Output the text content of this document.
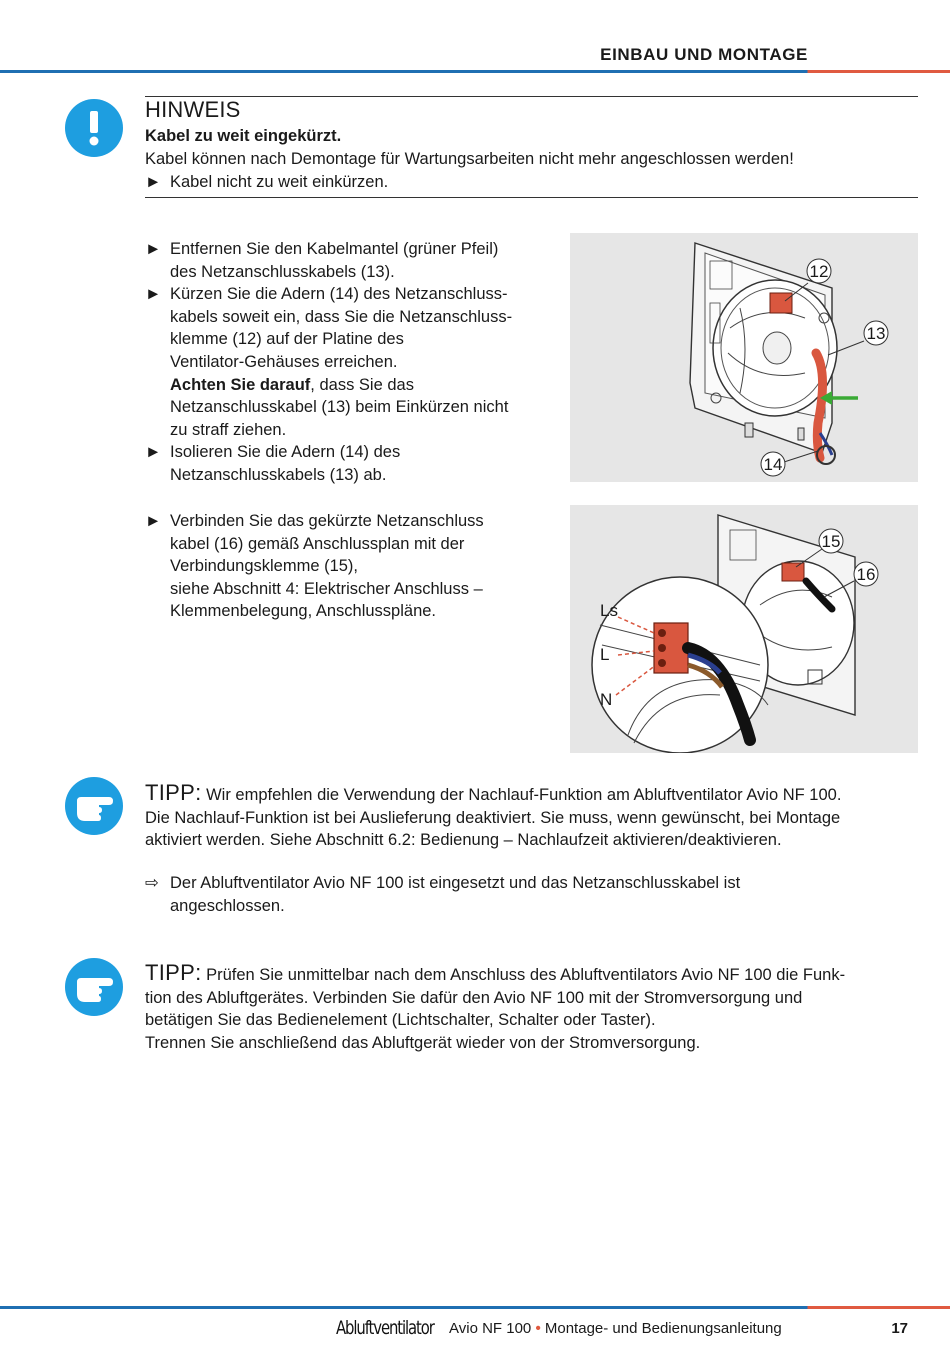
EINBAU UND MONTAGE
HINWEIS
Kabel zu weit eingekürzt.
Kabel können nach Demontage für Wartungsarbeiten nicht mehr angeschlossen werden!
► Kabel nicht zu weit einkürzen.
► Entfernen Sie den Kabelmantel (grüner Pfeil)
des Netzanschlusskabels (13).
► Kürzen Sie die Adern (14) des Netzanschluss-
kabels soweit ein, dass Sie die Netzanschluss-
klemme (12) auf der Platine des
Ventilator-Gehäuses erreichen.
Achten Sie darauf, dass Sie das
Netzanschlusskabel (13) beim Einkürzen nicht
zu straff ziehen.
► Isolieren Sie die Adern (14) des
Netzanschlusskabels (13) ab.
12
13
14
► Verbinden Sie das gekürzte Netzanschluss
kabel (16) gemäß Anschlussplan mit der
Verbindungsklemme (15),
siehe Abschnitt 4: Elektrischer Anschluss –
Klemmenbelegung, Anschlusspläne.	Ls
L
N
15
16
TIPP: Wir empfehlen die Verwendung der Nachlauf-Funktion am Abluftventilator Avio NF 100.
Die Nachlauf-Funktion ist bei Auslieferung deaktiviert. Sie muss, wenn gewünscht, bei Montage
aktiviert werden. Siehe Abschnitt 6.2: Bedienung – Nachlaufzeit aktivieren/deaktivieren.
⇨ Der Abluftventilator Avio NF 100 ist eingesetzt und das Netzanschlusskabel ist
angeschlossen.
TIPP: Prüfen Sie unmittelbar nach dem Anschluss des Abluftventilators Avio NF 100 die Funk-
tion des Abluftgerätes. Verbinden Sie dafür den Avio NF 100 mit der Stromversorgung und
betätigen Sie das Bedienelement (Lichtschalter, Schalter oder Taster).
Trennen Sie anschließend das Abluftgerät wieder von der Stromversorgung.
Abluftventilator Avio NF 100 • Montage- und Bedienungsanleitung	17
